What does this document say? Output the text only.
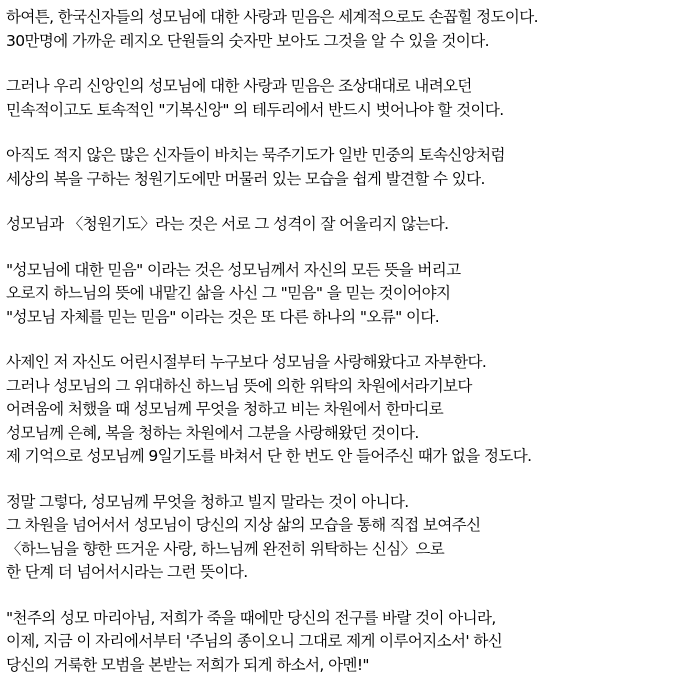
하여튼, 한국신자들의 성모님에 대한 사랑과 믿음은 세계적으로도 손꼽힐 정도이다.
30만명에 가까운 레지오 단원들의 숫자만 보아도 그것을 알 수 있을 것이다.
그러나 우리 신앙인의 성모님에 대한 사랑과 믿음은 조상대대로 내려오던
민속적이고도 토속적인 "기복신앙" 의 테두리에서 반드시 벗어나야 할 것이다.
아직도 적지 않은 많은 신자들이 바치는 묵주기도가 일반 민중의 토속신앙처럼
세상의 복을 구하는 청원기도에만 머물러 있는 모습을 쉽게 발견할 수 있다.
성모님과 〈청원기도〉라는 것은 서로 그 성격이 잘 어울리지 않는다.
"성모님에 대한 믿음" 이라는 것은 성모님께서 자신의 모든 뜻을 버리고
오로지 하느님의 뜻에 내맡긴 삶을 사신 그 "믿음" 을 믿는 것이어야지
"성모님 자체를 믿는 믿음" 이라는 것은 또 다른 하나의 "오류" 이다.
사제인 저 자신도 어린시절부터 누구보다 성모님을 사랑해왔다고 자부한다.
그러나 성모님의 그 위대하신 하느님 뜻에 의한 위탁의 차원에서라기보다
어려움에 처했을 때 성모님께 무엇을 청하고 비는 차원에서 한마디로
성모님께 은혜, 복을 청하는 차원에서 그분을 사랑해왔던 것이다.
제 기억으로 성모님께 9일기도를 바쳐서 단 한 번도 안 들어주신 때가 없을 정도다.
정말 그렇다, 성모님께 무엇을 청하고 빌지 말라는 것이 아니다.
그 차원을 넘어서서 성모님이 당신의 지상 삶의 모습을 통해 직접 보여주신
〈하느님을 향한 뜨거운 사랑, 하느님께 완전히 위탁하는 신심〉으로
한 단계 더 넘어서시라는 그런 뜻이다.
"천주의 성모 마리아님, 저희가 죽을 때에만 당신의 전구를 바랄 것이 아니라,
이제, 지금 이 자리에서부터 '주님의 종이오니 그대로 제게 이루어지소서' 하신
당신의 거룩한 모범을 본받는 저희가 되게 하소서, 아멘!"
